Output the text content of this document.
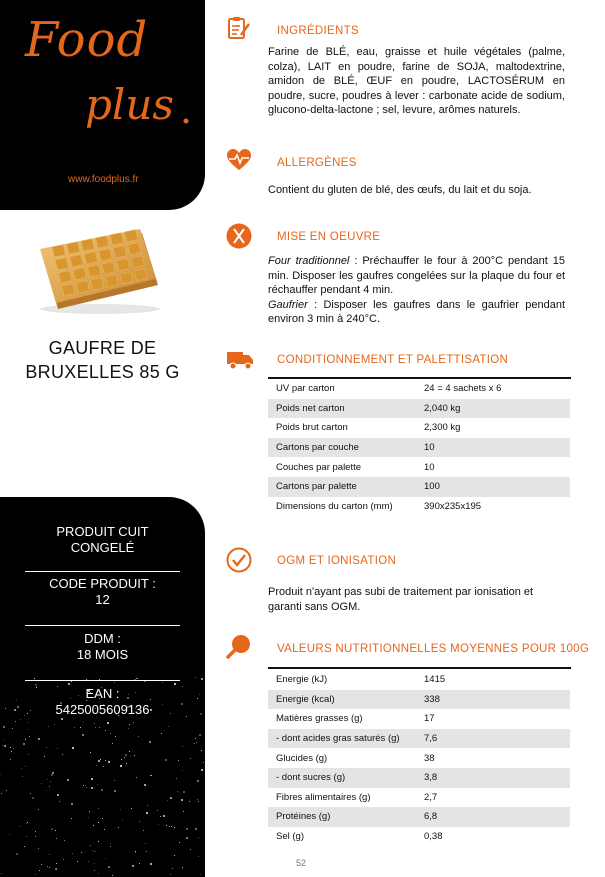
Food
plus
www.foodplus.fr
GAUFRE DE
BRUXELLES 85 G
PRODUIT CUIT
CONGELÉ
CODE PRODUIT :
12
DDM :
18 MOIS
EAN :
5425005609136
INGRÉDIENTS
Farine de BLÉ, eau, graisse et huile végétales (palme, colza), LAIT en poudre, farine de SOJA, maltodextrine, amidon de BLÉ, ŒUF en poudre, LACTOSÉRUM en poudre, sucre, poudres à lever : carbonate acide de sodium, glucono-delta-lactone ; sel, levure, arômes naturels.
ALLERGÈNES
Contient du gluten de blé, des œufs, du lait et du soja.
MISE EN OEUVRE
Four traditionnel : Préchauffer le four à 200°C pendant 15 min. Disposer les gaufres congelées sur la plaque du four et réchauffer pendant 4 min.
Gaufrier : Disposer les gaufres dans le gaufrier pendant environ 3 min à 240°C.
CONDITIONNEMENT ET PALETTISATION
UV par carton	24 = 4 sachets x 6
Poids net carton	2,040 kg
Poids brut carton	2,300 kg
Cartons par couche	10
Couches par palette	10
Cartons par palette	100
Dimensions du carton (mm)	390x235x195
OGM ET IONISATION
Produit n'ayant pas subi de traitement par ionisation et garanti sans OGM.
VALEURS NUTRITIONNELLES MOYENNES POUR 100G
Energie (kJ)	1415
Energie (kcal)	338
Matières grasses (g)	17
- dont acides gras saturés (g)	7,6
Glucides (g)	38
- dont sucres (g)	3,8
Fibres alimentaires (g)	2,7
Protéines (g)	6,8
Sel (g)	0,38
52
